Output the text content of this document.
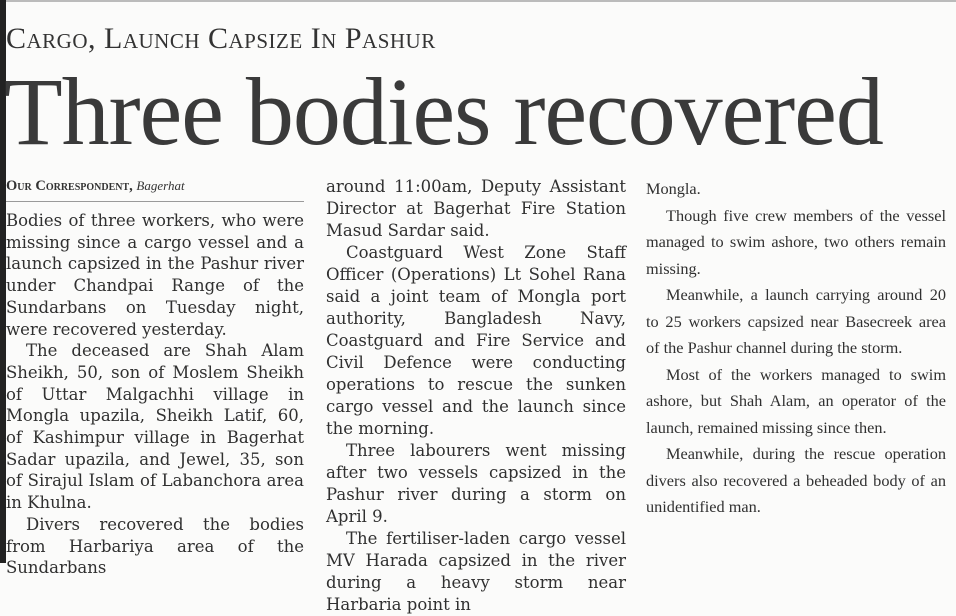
Cargo, Launch Capsize In Pashur
Three bodies recovered
Our Correspondent, Bagerhat

Bodies of three workers, who were missing since a cargo vessel and a launch capsized in the Pashur river under Chandpai Range of the Sundarbans on Tuesday night, were recovered yesterday.

The deceased are Shah Alam Sheikh, 50, son of Moslem Sheikh of Uttar Malgachhi village in Mongla upazila, Sheikh Latif, 60, of Kashimpur village in Bagerhat Sadar upazila, and Jewel, 35, son of Sirajul Islam of Labanchora area in Khulna.

Divers recovered the bodies from Harbariya area of the Sundarbans

around 11:00am, Deputy Assistant Director at Bagerhat Fire Station Masud Sardar said.

Coastguard West Zone Staff Officer (Operations) Lt Sohel Rana said a joint team of Mongla port authority, Bangladesh Navy, Coastguard and Fire Service and Civil Defence were conducting operations to rescue the sunken cargo vessel and the launch since the morning.

Three labourers went missing after two vessels capsized in the Pashur river during a storm on April 9.

The fertiliser-laden cargo vessel MV Harada capsized in the river during a heavy storm near Harbaria point in

Mongla.

Though five crew members of the vessel managed to swim ashore, two others remain missing.

Meanwhile, a launch carrying around 20 to 25 workers capsized near Basecreek area of the Pashur channel during the storm.

Most of the workers managed to swim ashore, but Shah Alam, an operator of the launch, remained missing since then.

Meanwhile, during the rescue operation divers also recovered a beheaded body of an unidentified man.
